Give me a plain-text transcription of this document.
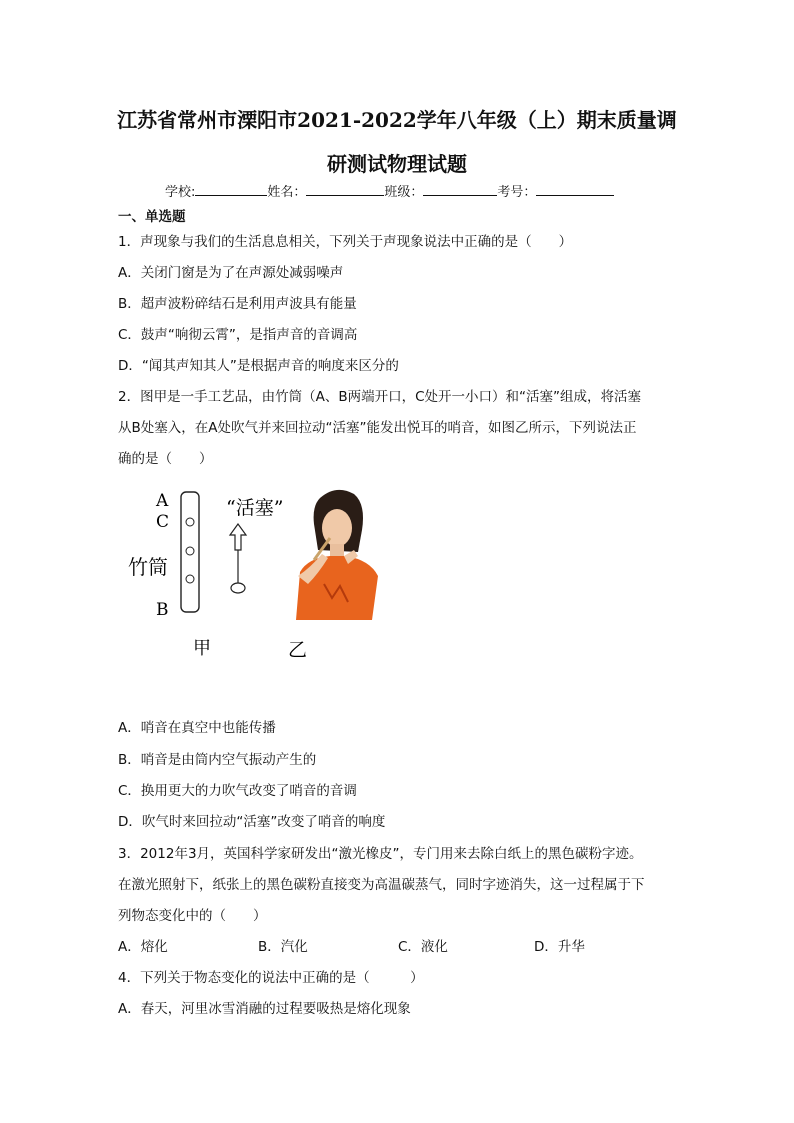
江苏省常州市溧阳市2021-2022学年八年级（上）期末质量调
研测试物理试题
学校:	姓名：	班级：	考号：
一、单选题
1．声现象与我们的生活息息相关，下列关于声现象说法中正确的是（　　）
A．关闭门窗是为了在声源处减弱噪声
B．超声波粉碎结石是利用声波具有能量
C．鼓声“响彻云霄”，是指声音的音调高
D．“闻其声知其人”是根据声音的响度来区分的
2．图甲是一手工艺品，由竹筒（A、B两端开口，C处开一小口）和“活塞”组成，将活塞
从B处塞入，在A处吹气并来回拉动“活塞”能发出悦耳的哨音，如图乙所示，下列说法正
确的是（　　）
A
C
竹筒
B
“活塞”
甲	乙
A．哨音在真空中也能传播
B．哨音是由筒内空气振动产生的
C．换用更大的力吹气改变了哨音的音调
D．吹气时来回拉动“活塞”改变了哨音的响度
3．2012年3月，英国科学家研发出“激光橡皮”，专门用来去除白纸上的黑色碳粉字迹。
在激光照射下，纸张上的黑色碳粉直接变为高温碳蒸气，同时字迹消失，这一过程属于下
列物态变化中的（　　）
A．熔化	B．汽化	C．液化	D．升华
4．下列关于物态变化的说法中正确的是（　　　）
A．春天，河里冰雪消融的过程要吸热是熔化现象
